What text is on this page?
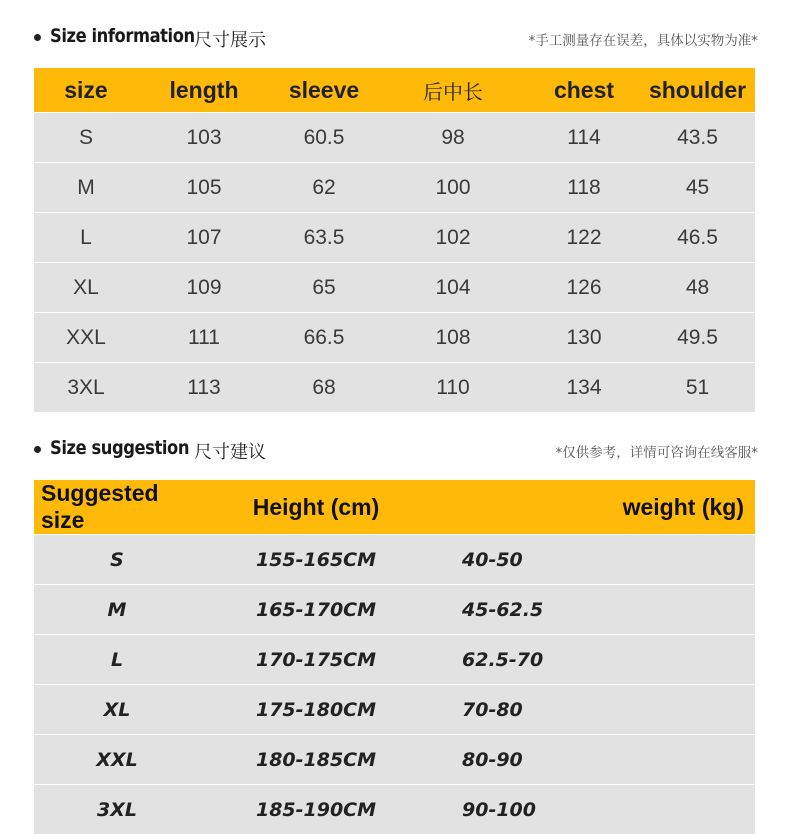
Size information 尺寸展示	*手工测量存在误差，具体以实物为准*
size	length	sleeve	后中长	chest	shoulder
S	103	60.5	98	114	43.5
M	105	62	100	118	45
L	107	63.5	102	122	46.5
XL	109	65	104	126	48
XXL	111	66.5	108	130	49.5
3XL	113	68	110	134	51
Size suggestion 尺寸建议	*仅供参考，详情可咨询在线客服*
Suggested size	Height (cm)	weight (kg)
S	155-165CM	40-50
M	165-170CM	45-62.5
L	170-175CM	62.5-70
XL	175-180CM	70-80
XXL	180-185CM	80-90
3XL	185-190CM	90-100
